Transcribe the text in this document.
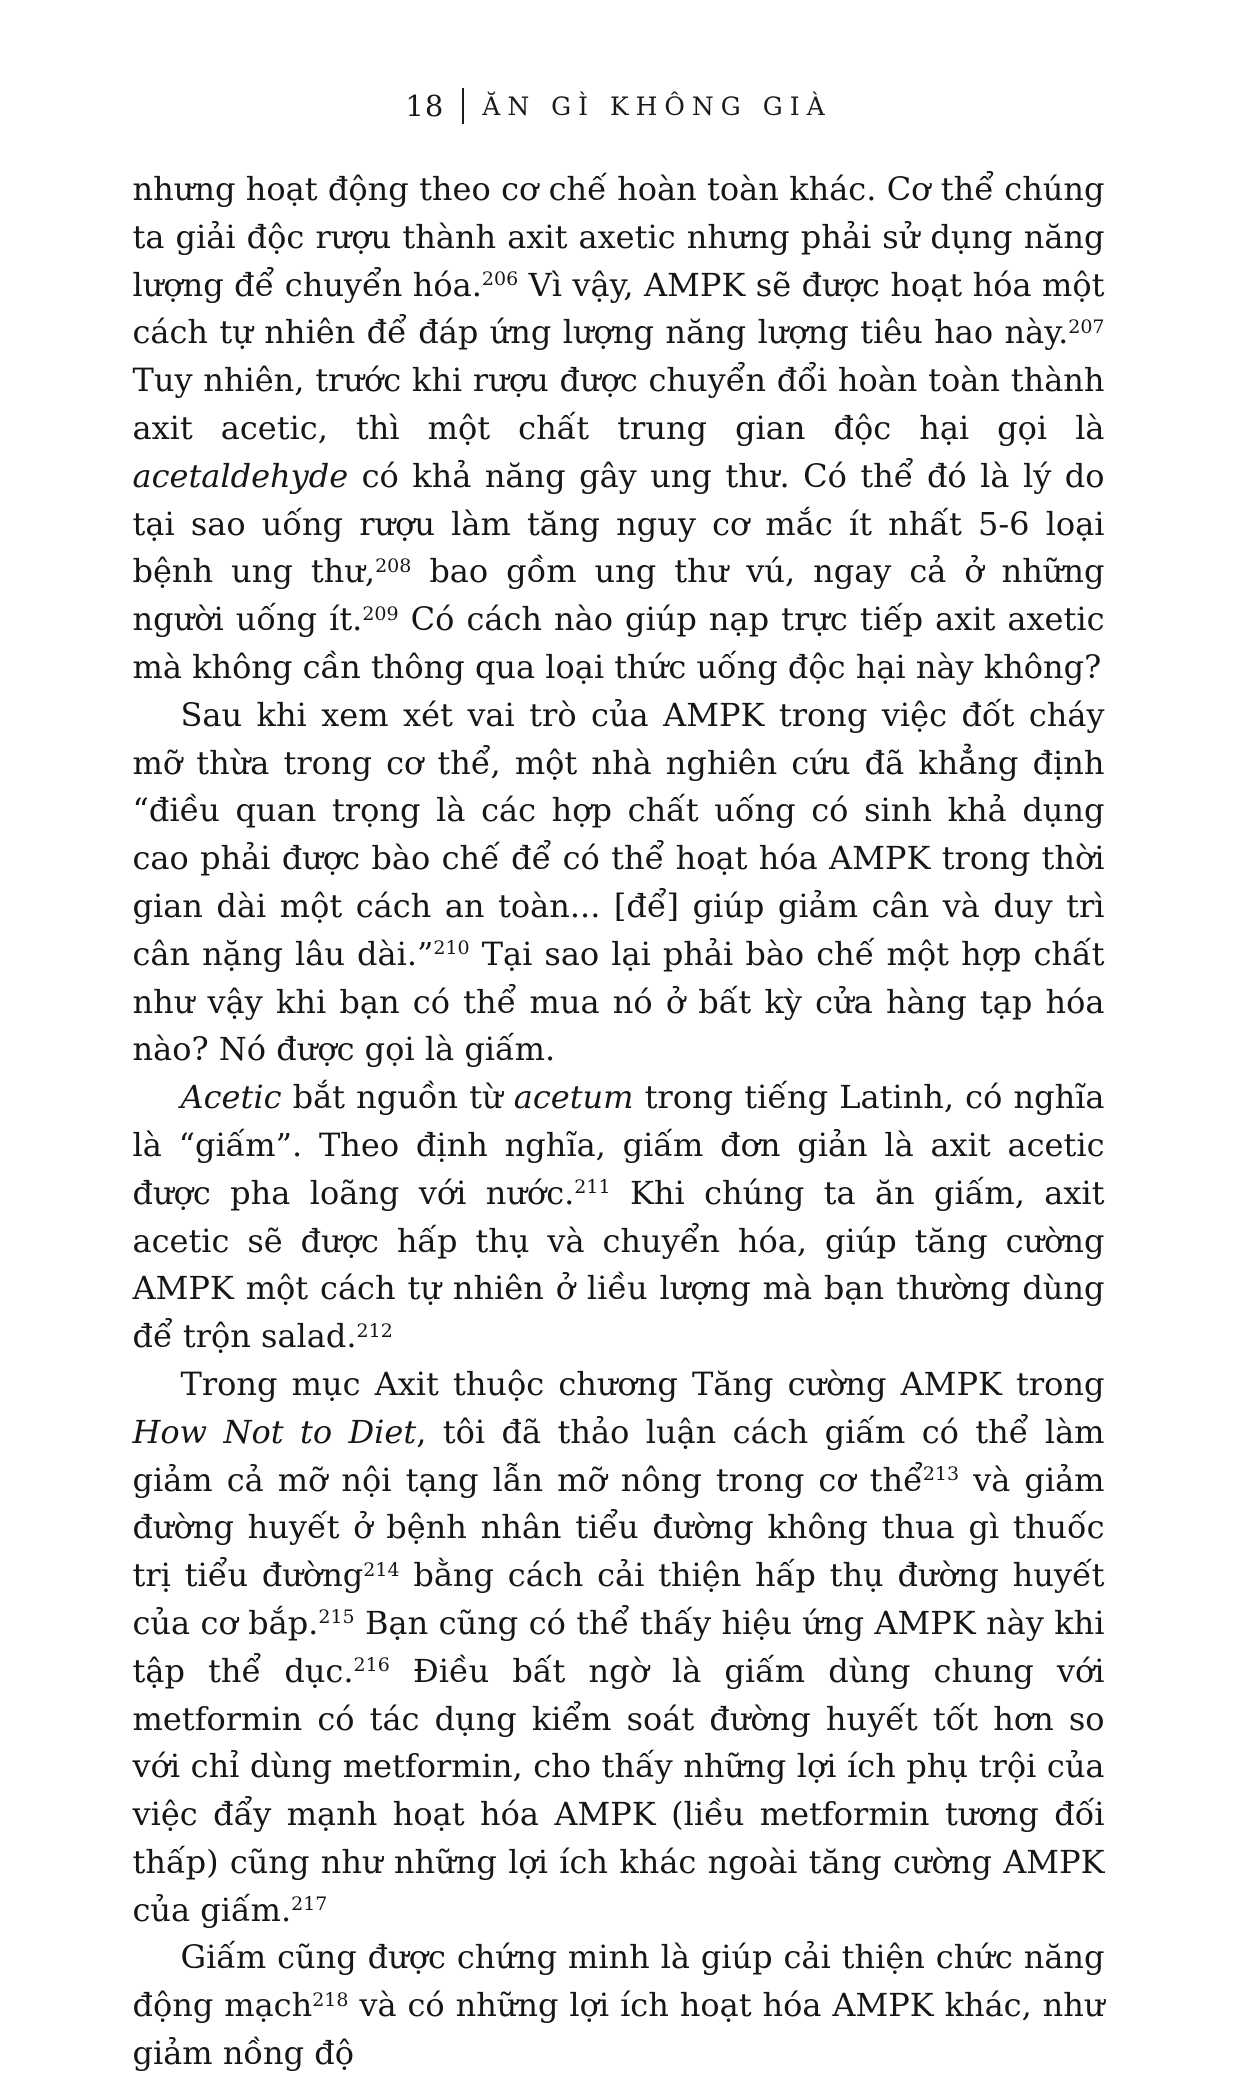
18 ĂN GÌ KHÔNG GIÀ

nhưng hoạt động theo cơ chế hoàn toàn khác. Cơ thể chúng ta giải độc rượu thành axit axetic nhưng phải sử dụng năng lượng để chuyển hóa.$^{206}$ Vì vậy, AMPK sẽ được hoạt hóa một cách tự nhiên để đáp ứng lượng năng lượng tiêu hao này.$^{207}$ Tuy nhiên, trước khi rượu được chuyển đổi hoàn toàn thành axit acetic, thì một chất trung gian độc hại gọi là acetaldehyde có khả năng gây ung thư. Có thể đó là lý do tại sao uống rượu làm tăng nguy cơ mắc ít nhất 5-6 loại bệnh ung thư,$^{208}$ bao gồm ung thư vú, ngay cả ở những người uống ít.$^{209}$ Có cách nào giúp nạp trực tiếp axit axetic mà không cần thông qua loại thức uống độc hại này không?

Sau khi xem xét vai trò của AMPK trong việc đốt cháy mỡ thừa trong cơ thể, một nhà nghiên cứu đã khẳng định “điều quan trọng là các hợp chất uống có sinh khả dụng cao phải được bào chế để có thể hoạt hóa AMPK trong thời gian dài một cách an toàn... [để] giúp giảm cân và duy trì cân nặng lâu dài.”$^{210}$ Tại sao lại phải bào chế một hợp chất như vậy khi bạn có thể mua nó ở bất kỳ cửa hàng tạp hóa nào? Nó được gọi là giấm.

Acetic bắt nguồn từ acetum trong tiếng Latinh, có nghĩa là “giấm”. Theo định nghĩa, giấm đơn giản là axit acetic được pha loãng với nước.$^{211}$ Khi chúng ta ăn giấm, axit acetic sẽ được hấp thụ và chuyển hóa, giúp tăng cường AMPK một cách tự nhiên ở liều lượng mà bạn thường dùng để trộn salad.$^{212}$

Trong mục Axit thuộc chương Tăng cường AMPK trong How Not to Diet, tôi đã thảo luận cách giấm có thể làm giảm cả mỡ nội tạng lẫn mỡ nông trong cơ thể$^{213}$ và giảm đường huyết ở bệnh nhân tiểu đường không thua gì thuốc trị tiểu đường$^{214}$ bằng cách cải thiện hấp thụ đường huyết của cơ bắp.$^{215}$ Bạn cũng có thể thấy hiệu ứng AMPK này khi tập thể dục.$^{216}$ Điều bất ngờ là giấm dùng chung với metformin có tác dụng kiểm soát đường huyết tốt hơn so với chỉ dùng metformin, cho thấy những lợi ích phụ trội của việc đẩy mạnh hoạt hóa AMPK (liều metformin tương đối thấp) cũng như những lợi ích khác ngoài tăng cường AMPK của giấm.$^{217}$

Giấm cũng được chứng minh là giúp cải thiện chức năng động mạch$^{218}$ và có những lợi ích hoạt hóa AMPK khác, như giảm nồng độ
